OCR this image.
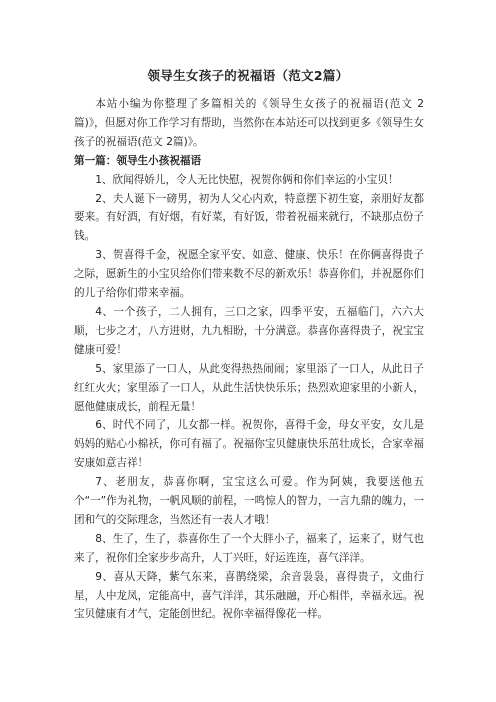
领导生女孩子的祝福语（范文2篇）

本站小编为你整理了多篇相关的《领导生女孩子的祝福语(范文 2篇)》，但愿对你工作学习有帮助，当然你在本站还可以找到更多《领导生女孩子的祝福语(范文 2篇)》。

第一篇：领导生小孩祝福语

1、欣闻得娇儿，令人无比快慰，祝贺你俩和你们幸运的小宝贝！

2、夫人诞下一磅男，初为人父心内欢，特意摆下初生宴，亲朋好友都要来。有好酒，有好烟，有好菜，有好饭，带着祝福来就行，不缺那点份子钱。

3、贺喜得千金，祝愿全家平安、如意、健康、快乐！在你俩喜得贵子之际，愿新生的小宝贝给你们带来数不尽的新欢乐！恭喜你们，并祝愿你们的儿子给你们带来幸福。

4、一个孩子，二人拥有，三口之家，四季平安，五福临门，六六大顺，七步之才，八方进财，九九相盼，十分满意。恭喜你喜得贵子，祝宝宝健康可爱！

5、家里添了一口人，从此变得热热闹闹；家里添了一口人，从此日子红红火火；家里添了一口人，从此生活快快乐乐；热烈欢迎家里的小新人，愿他健康成长，前程无量！

6、时代不同了，儿女都一样。祝贺你，喜得千金，母女平安，女儿是妈妈的贴心小棉袄，你可有福了。祝福你宝贝健康快乐茁壮成长，合家幸福安康如意吉祥！

7、老朋友，恭喜你啊，宝宝这么可爱。作为阿姨，我要送他五个“一”作为礼物，一帆风顺的前程，一鸣惊人的智力，一言九鼎的魄力，一团和气的交际理念，当然还有一表人才哦！

8、生了，生了，恭喜你生了一个大胖小子，福来了，运来了，财气也来了，祝你们全家步步高升，人丁兴旺，好运连连，喜气洋洋。

9、喜从天降，紫气东来，喜鹊绕梁，余音袅袅，喜得贵子，文曲行星，人中龙凤，定能高中，喜气洋洋，其乐融融，开心相伴，幸福永远。祝宝贝健康有才气，定能创世纪。祝你幸福得像花一样。
